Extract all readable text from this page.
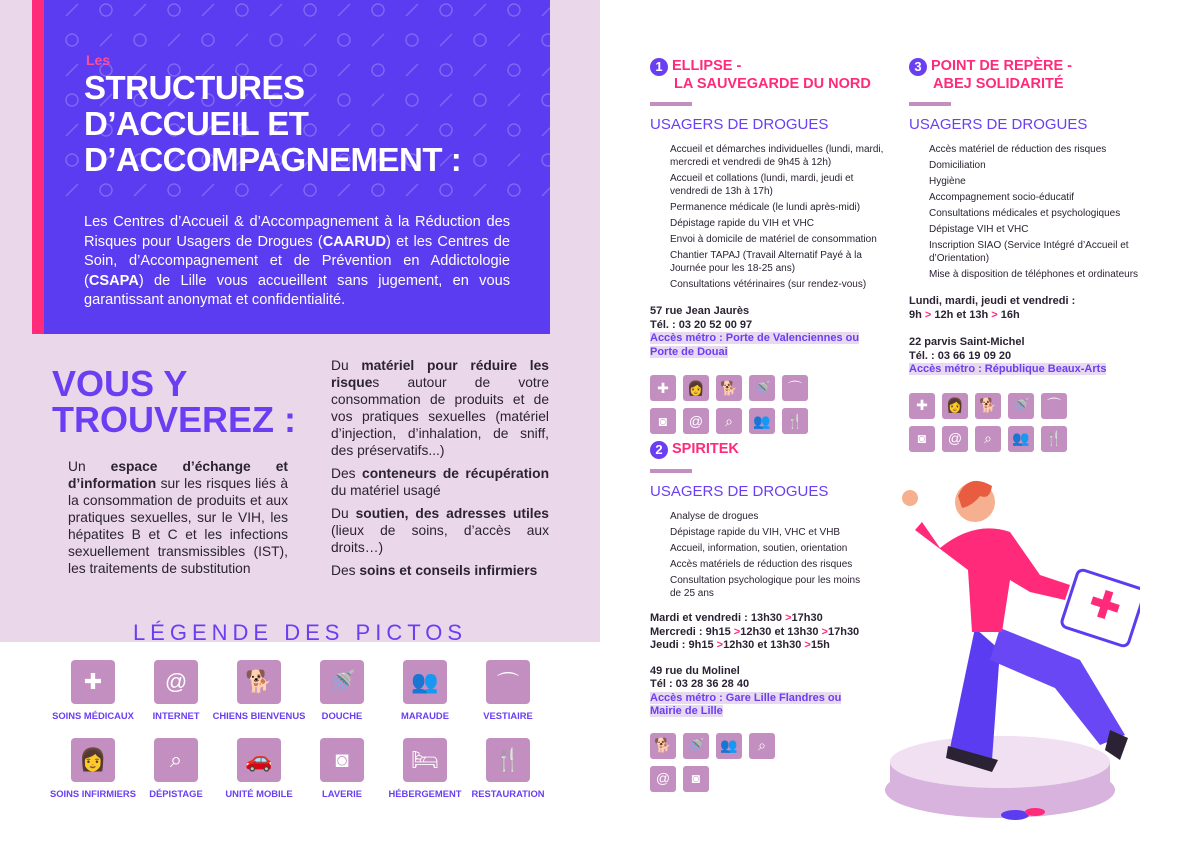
Les
STRUCTURES
D’ACCUEIL ET
D’ACCOMPAGNEMENT :
Les Centres d’Accueil & d’Accompagnement à la Réduction des Risques pour Usagers de Drogues (CAARUD) et les Centres de Soin, d’Accompagnement et de Prévention en Addictologie (CSAPA) de Lille vous accueillent sans jugement, en vous garantissant anonymat et confidentialité.
VOUS Y
TROUVEREZ :
Un espace d’échange et d’information sur les risques liés à la consommation de produits et aux pratiques sexuelles, sur le VIH, les hépatites B et C et les infections sexuellement transmissibles (IST), les traitements de substitution

Du matériel pour réduire les risques autour de votre consommation de produits et de vos pratiques sexuelles (matériel d’injection, d’inhalation, de sniff, des préservatifs...)

Des conteneurs de récupération du matériel usagé

Du soutien, des adresses utiles (lieux de soins, d’accès aux droits…)

Des soins et conseils infirmiers

LÉGENDE DES PICTOS
✚
SOINS MÉDICAUX
@
INTERNET
🐕
CHIENS BIENVENUS
🚿
DOUCHE
👥
MARAUDE
⌒
VESTIAIRE
👩
SOINS INFIRMIERS
⌕
DÉPISTAGE
🚗
UNITÉ MOBILE
◙
LAVERIE
🛏
HÉBERGEMENT
🍴
RESTAURATION
1 ELLIPSE -
LA SAUVEGARDE DU NORD
USAGERS DE DROGUES
Accueil et démarches individuelles (lundi, mardi, mercredi et vendredi de 9h45 à 12h)
Accueil et collations (lundi, mardi, jeudi et vendredi de 13h à 17h)
Permanence médicale (le lundi après-midi)
Dépistage rapide du VIH et VHC
Envoi à domicile de matériel de consommation
Chantier TAPAJ (Travail Alternatif Payé à la Journée pour les 18-25 ans)
Consultations vétérinaires (sur rendez-vous)
57 rue Jean Jaurès
Tél. : 03 20 52 00 97
Accès métro : Porte de Valenciennes ou
Porte de Douai
✚ 👩 🐕 🚿 ⌒
◙ @ ⌕ 👥 🍴
2 SPIRITEK
USAGERS DE DROGUES
Analyse de drogues
Dépistage rapide du VIH, VHC et VHB
Accueil, information, soutien, orientation
Accès matériels de réduction des risques
Consultation psychologique pour les moins de 25 ans
Mardi et vendredi : 13h30 >17h30
Mercredi : 9h15 >12h30 et 13h30 >17h30
Jeudi : 9h15 >12h30 et 13h30 >15h
49 rue du Molinel
Tél : 03 28 36 28 40
Accès métro : Gare Lille Flandres ou
Mairie de Lille
🐕 🚿 👥 ⌕
@ ◙
3 POINT DE REPÈRE -
ABEJ SOLIDARITÉ
USAGERS DE DROGUES
Accès matériel de réduction des risques
Domiciliation
Hygiène
Accompagnement socio-éducatif
Consultations médicales et psychologiques
Dépistage VIH et VHC
Inscription SIAO (Service Intégré d’Accueil et d’Orientation)
Mise à disposition de téléphones et ordinateurs
Lundi, mardi, jeudi et vendredi :
9h > 12h et 13h > 16h
22 parvis Saint-Michel
Tél. : 03 66 19 09 20
Accès métro : République Beaux-Arts
✚ 👩 🐕 🚿 ⌒
◙ @ ⌕ 👥 🍴
